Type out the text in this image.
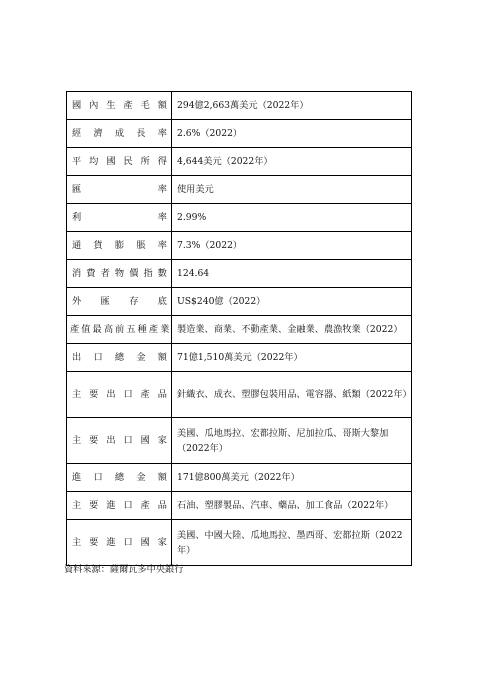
國內生產毛額	294億2,663萬美元（2022年）
經濟成長率	2.6%（2022）
平均國民所得	4,644美元（2022年）
匯率	使用美元
利率	2.99%
通貨膨脹率	7.3%（2022）
消費者物價指數	124.64
外匯存底	US$240億（2022）
產值最高前五種產業	製造業、商業、不動產業、金融業、農漁牧業（2022）
出口總金額	71億1,510萬美元（2022年）
主要出口產品	針織衣、成衣、塑膠包裝用品、電容器、紙類（2022年）
主要出口國家	美國、瓜地馬拉、宏都拉斯、尼加拉瓜、哥斯大黎加（2022年）
進口總金額	171億800萬美元（2022年）
主要進口產品	石油、塑膠製品、汽車、藥品、加工食品（2022年）
主要進口國家	美國、中國大陸、瓜地馬拉、墨西哥、宏都拉斯（2022年）
資料來源：薩爾瓦多中央銀行
